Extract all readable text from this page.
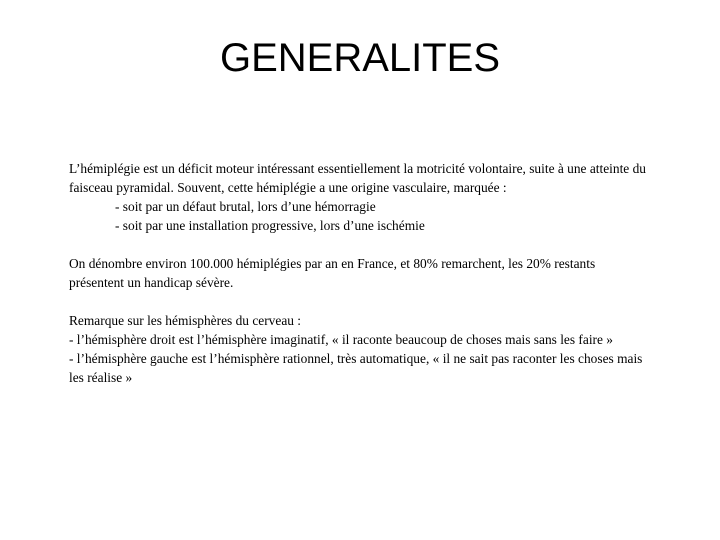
GENERALITES

L’hémiplégie est un déficit moteur intéressant essentiellement la motricité volontaire, suite à une atteinte du
faisceau pyramidal. Souvent, cette hémiplégie a une origine vasculaire, marquée :
- soit par un défaut brutal, lors d’une hémorragie
- soit par une installation progressive, lors d’une ischémie

On dénombre environ 100.000 hémiplégies par an en France, et 80% remarchent, les 20% restants
présentent un handicap sévère.

Remarque sur les hémisphères du cerveau :
- l’hémisphère droit est l’hémisphère imaginatif, « il raconte beaucoup de choses mais sans les faire »
- l’hémisphère gauche est l’hémisphère rationnel, très automatique, « il ne sait pas raconter les choses mais
les réalise »
